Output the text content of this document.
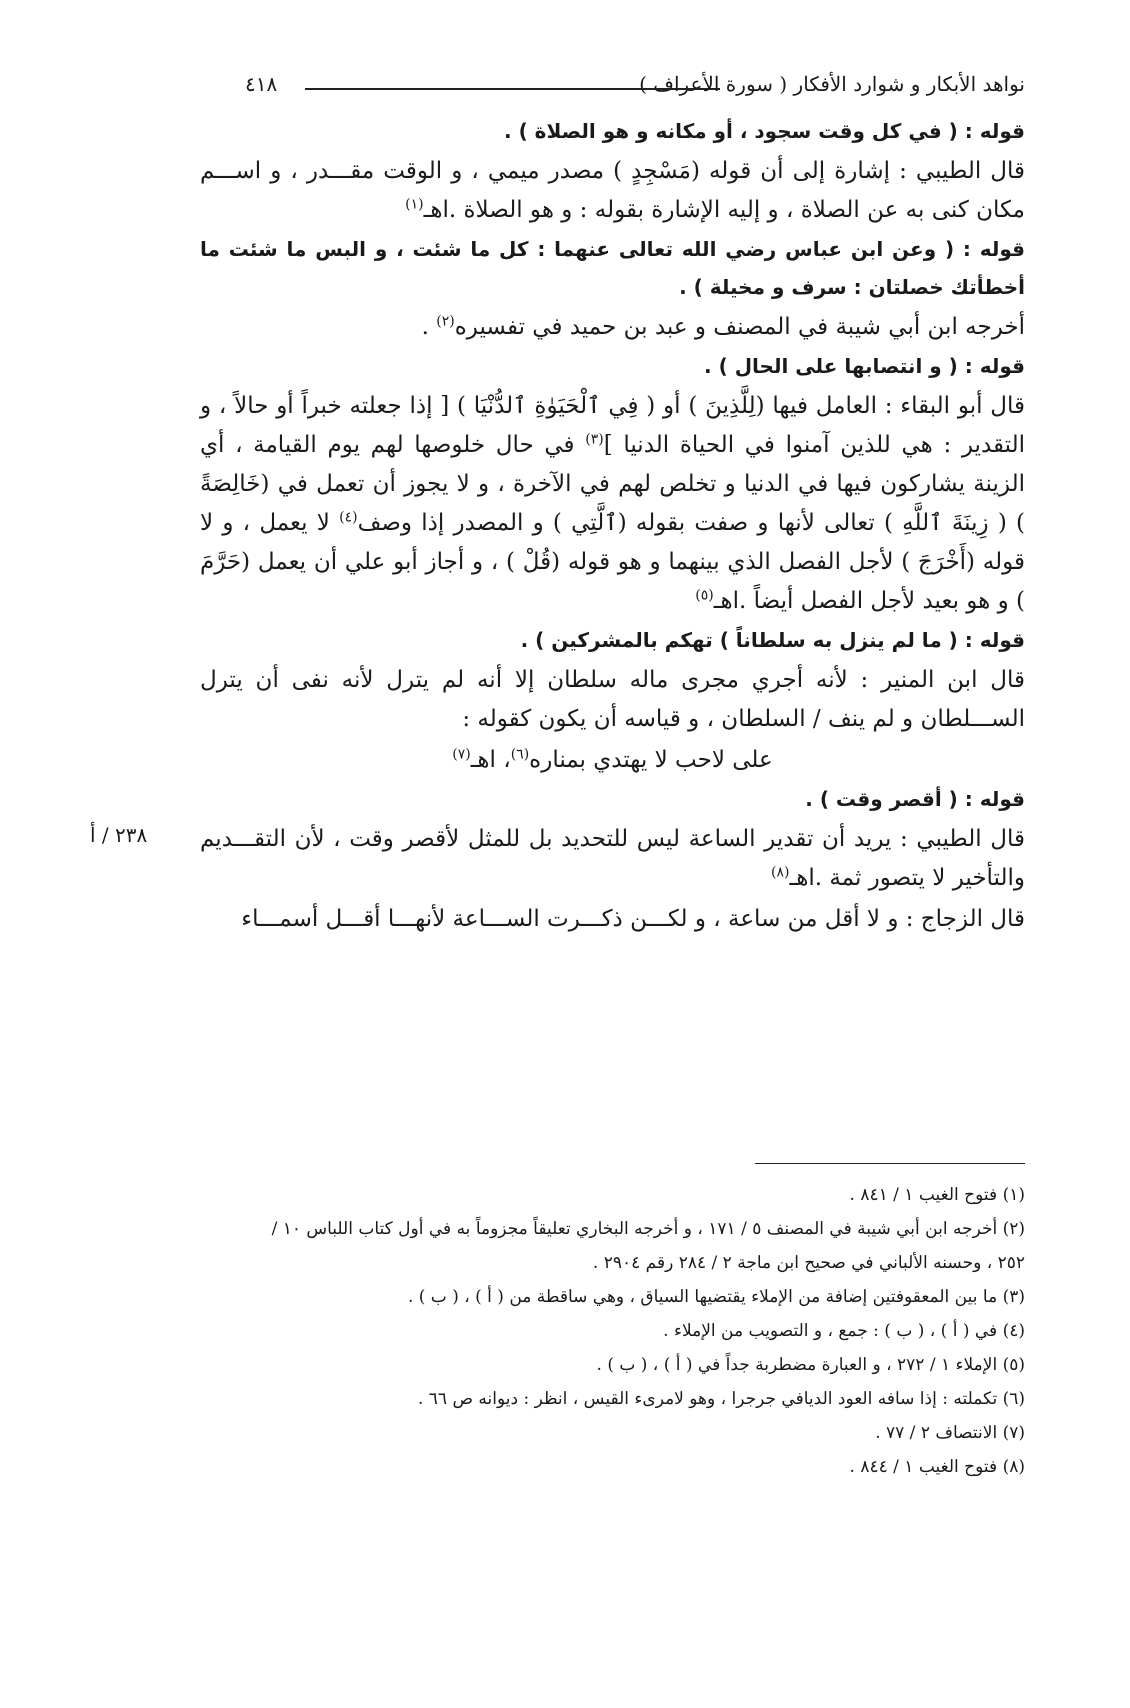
نواهد الأبكار و شوارد الأفكار ( سورة الأعراف )
٤١٨
٢٣٨ / أ

قوله : ( في كل وقت سجود ، أو مكانه و هو الصلاة ) .

قال الطيبي : إشارة إلى أن قوله (مَسْجِدٍ ) مصدر ميمي ، و الوقت مقـــدر ، و اســـم مكان كنى به عن الصلاة ، و إليه الإشارة بقوله : و هو الصلاة .اهـ$^{(١)}$

قوله : ( وعن ابن عباس رضي الله تعالى عنهما : كل ما شئت ، و البس ما شئت ما أخطأتك خصلتان : سرف و مخيلة ) .

أخرجه ابن أبي شيبة في المصنف و عبد بن حميد في تفسيره$^{(٢)}$ .

قوله : ( و انتصابها على الحال ) .

قال أبو البقاء : العامل فيها (لِلَّذِينَ ) أو ( فِي ٱلْحَيَوٰةِ ٱلدُّنْيَا ) [ إذا جعلته خبراً أو حالاً ، و التقدير : هي للذين آمنوا في الحياة الدنيا ]$^{(٣)}$ في حال خلوصها لهم يوم القيامة ، أي الزينة يشاركون فيها في الدنيا و تخلص لهم في الآخرة ، و لا يجوز أن تعمل في (خَالِصَةً ) ( زِينَةَ ٱللَّهِ ) تعالى لأنها و صفت بقوله (ٱلَّتِي ) و المصدر إذا وصف$^{(٤)}$ لا يعمل ، و لا قوله (أَخْرَجَ ) لأجل الفصل الذي بينهما و هو قوله (قُلْ ) ، و أجاز أبو علي أن يعمل (حَرَّمَ ) و هو بعيد لأجل الفصل أيضاً .اهـ$^{(٥)}$

قوله : ( ما لم ينزل به سلطاناً ) تهكم بالمشركين ) .

قال ابن المنير : لأنه أجري مجرى ماله سلطان إلا أنه لم يترل لأنه نفى أن يترل الســـلطان و لم ينف / السلطان ، و قياسه أن يكون كقوله :

على لاحب لا يهتدي بمناره$^{(٦)}$، اهـ$^{(٧)}$

قوله : ( أقصر وقت ) .

قال الطيبي : يريد أن تقدير الساعة ليس للتحديد بل للمثل لأقصر وقت ، لأن التقـــديم والتأخير لا يتصور ثمة .اهـ$^{(٨)}$

قال الزجاج : و لا أقل من ساعة ، و لكـــن ذكـــرت الســـاعة لأنهـــا أقـــل أسمـــاء

(١) فتوح الغيب ١ / ٨٤١ .
(٢) أخرجه ابن أبي شيبة في المصنف ٥ / ١٧١ ، و أخرجه البخاري تعليقاً مجزوماً به في أول كتاب اللباس ١٠ /
٢٥٢ ، وحسنه الألباني في صحيح ابن ماجة ٢ / ٢٨٤ رقم ٢٩٠٤ .
(٣) ما بين المعقوفتين إضافة من الإملاء يقتضيها السياق ، وهي ساقطة من ( أ ) ، ( ب ) .
(٤) في ( أ ) ، ( ب ) : جمع ، و التصويب من الإملاء .
(٥) الإملاء ١ / ٢٧٢ ، و العبارة مضطربة جداً في ( أ ) ، ( ب ) .
(٦) تكملته : إذا سافه العود الديافي جرجرا ، وهو لامرىء القيس ، انظر : ديوانه ص ٦٦ .
(٧) الانتصاف ٢ / ٧٧ .
(٨) فتوح الغيب ١ / ٨٤٤ .
